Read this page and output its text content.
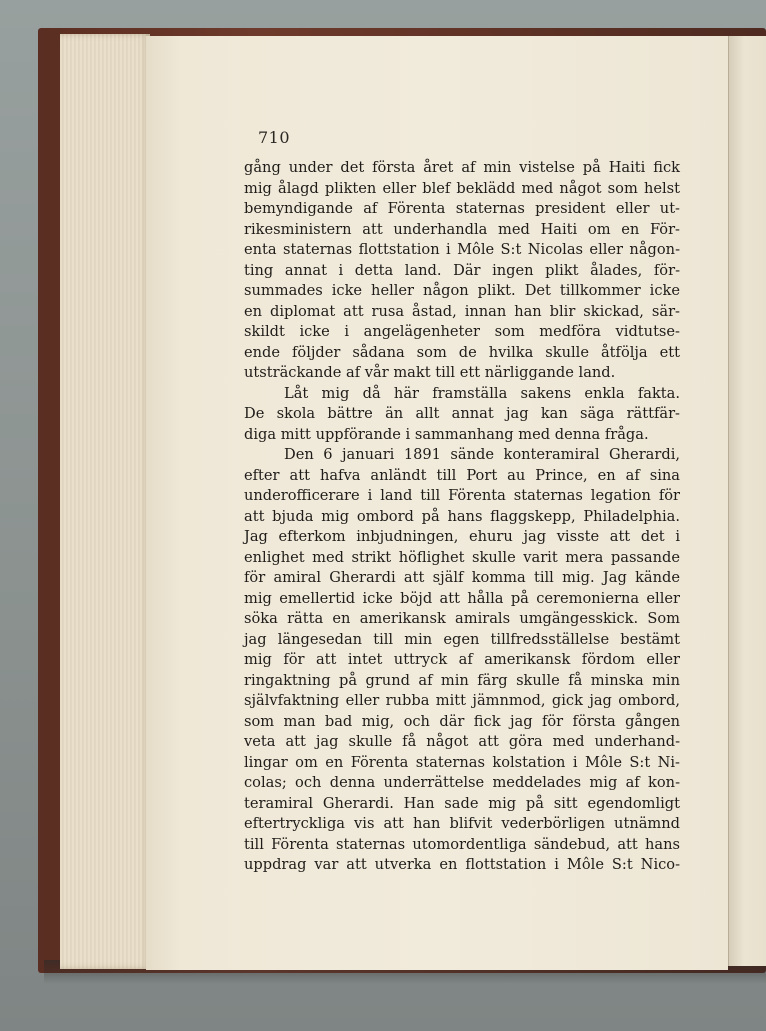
710
gång under det första året af min vistelse på Haiti fick
mig ålagd plikten eller blef beklädd med något som helst
bemyndigande af Förenta staternas president eller ut-
rikesministern att underhandla med Haiti om en För-
enta staternas flottstation i Môle S:t Nicolas eller någon-
ting annat i detta land. Där ingen plikt ålades, för-
summades icke heller någon plikt. Det tillkommer icke
en diplomat att rusa åstad, innan han blir skickad, sär-
skildt icke i angelägenheter som medföra vidtutse-
ende följder sådana som de hvilka skulle åtfölja ett
utsträckande af vår makt till ett närliggande land.
Låt mig då här framställa sakens enkla fakta.
De skola bättre än allt annat jag kan säga rättfär-
diga mitt uppförande i sammanhang med denna fråga.
Den 6 januari 1891 sände konteramiral Gherardi,
efter att hafva anländt till Port au Prince, en af sina
underofficerare i land till Förenta staternas legation för
att bjuda mig ombord på hans flaggskepp, Philadelphia.
Jag efterkom inbjudningen, ehuru jag visste att det i
enlighet med strikt höflighet skulle varit mera passande
för amiral Gherardi att själf komma till mig. Jag kände
mig emellertid icke böjd att hålla på ceremonierna eller
söka rätta en amerikansk amirals umgängesskick. Som
jag längesedan till min egen tillfredsställelse bestämt
mig för att intet uttryck af amerikansk fördom eller
ringaktning på grund af min färg skulle få minska min
självfaktning eller rubba mitt jämnmod, gick jag ombord,
som man bad mig, och där fick jag för första gången
veta att jag skulle få något att göra med underhand-
lingar om en Förenta staternas kolstation i Môle S:t Ni-
colas; och denna underrättelse meddelades mig af kon-
teramiral Gherardi. Han sade mig på sitt egendomligt
eftertryckliga vis att han blifvit vederbörligen utnämnd
till Förenta staternas utomordentliga sändebud, att hans
uppdrag var att utverka en flottstation i Môle S:t Nico-
